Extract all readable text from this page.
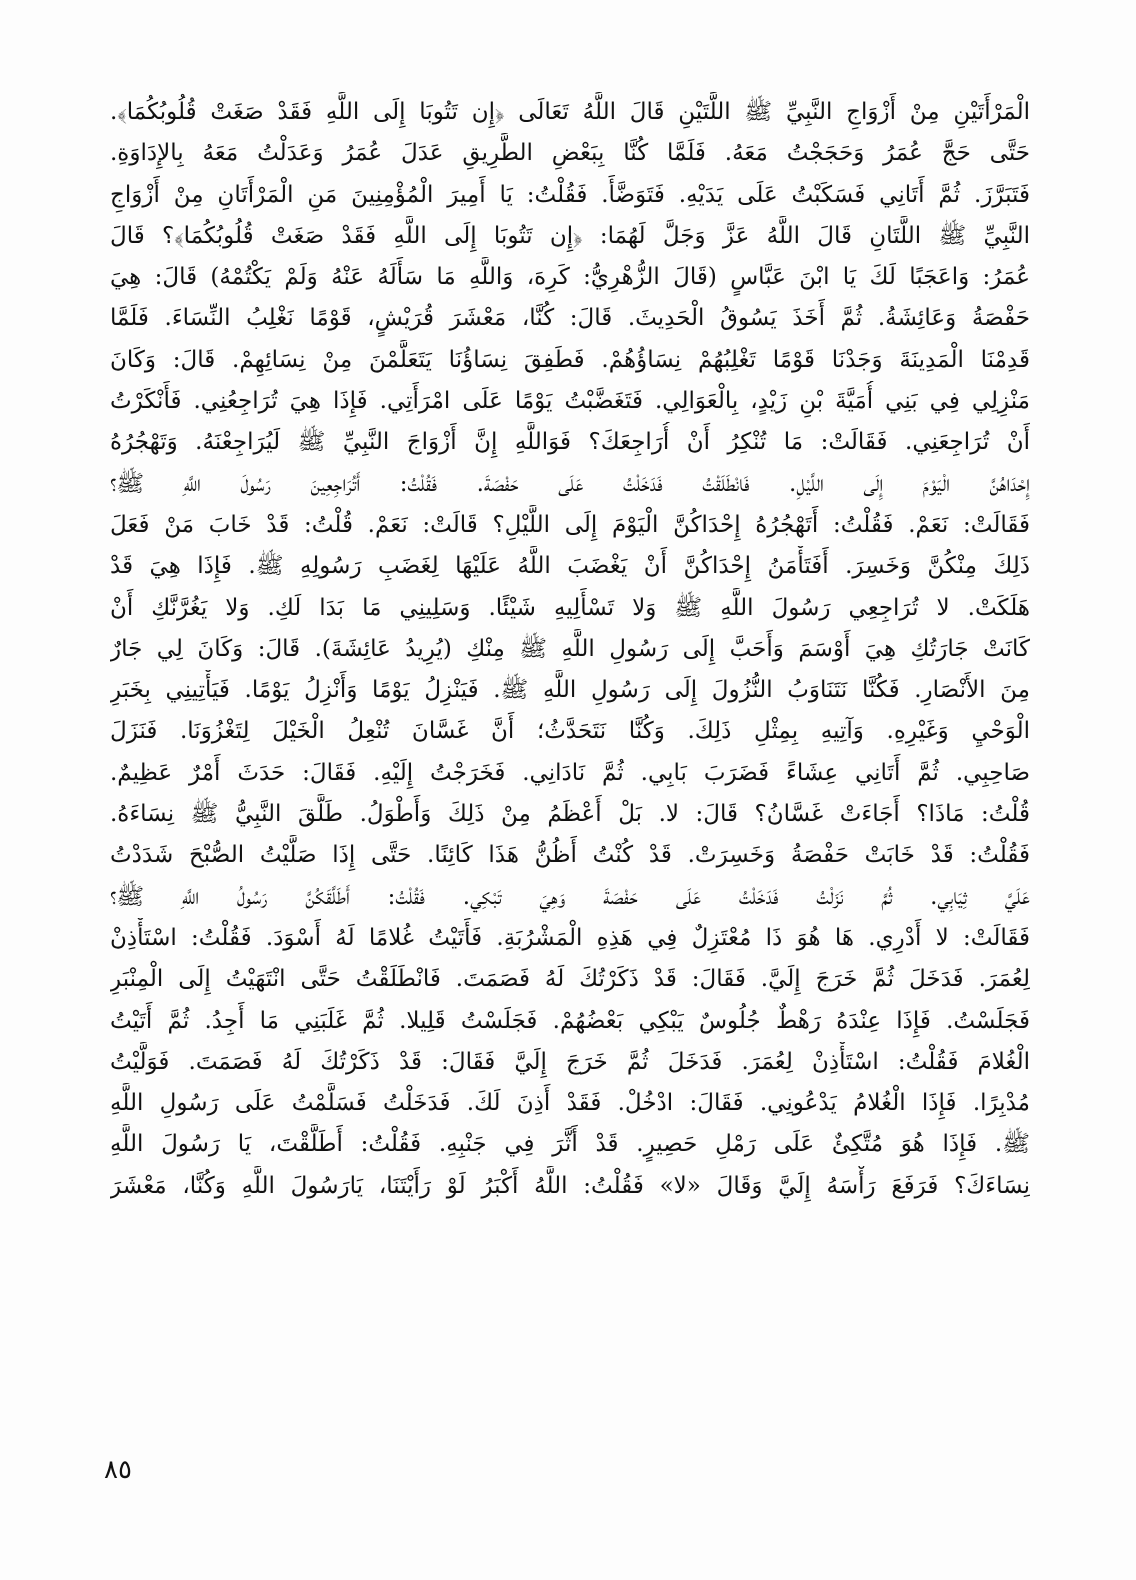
الْمَرْأَتَيْنِ مِنْ أَزْوَاجِ النَّبِيِّ ﷺ اللَّتَيْنِ قَالَ اللَّهُ تَعَالَى ﴿إِن تَتُوبَا إِلَى اللَّهِ فَقَدْ صَغَتْ قُلُوبُكُمَا﴾.
حَتَّى حَجَّ عُمَرُ وَحَجَجْتُ مَعَهُ. فَلَمَّا كُنَّا بِبَعْضِ الطَّرِيقِ عَدَلَ عُمَرُ وَعَدَلْتُ مَعَهُ بِالإِدَاوَةِ.
فَتَبَرَّزَ. ثُمَّ أَتَانِي فَسَكَبْتُ عَلَى يَدَيْهِ. فَتَوَضَّأَ. فَقُلْتُ: يَا أَمِيرَ الْمُؤْمِنِينَ مَنِ الْمَرْأَتَانِ مِنْ أَزْوَاجِ
النَّبِيِّ ﷺ اللَّتَانِ قَالَ اللَّهُ عَزَّ وَجَلَّ لَهُمَا: ﴿إِن تَتُوبَا إِلَى اللَّهِ فَقَدْ صَغَتْ قُلُوبُكُمَا﴾؟ قَالَ
عُمَرُ: وَاعَجَبًا لَكَ يَا ابْنَ عَبَّاسٍ (قَالَ الزُّهْرِيُّ: كَرِهَ، وَاللَّهِ مَا سَأَلَهُ عَنْهُ وَلَمْ يَكْتُمْهُ) قَالَ: هِيَ
حَفْصَةُ وَعَائِشَةُ. ثُمَّ أَخَذَ يَسُوقُ الْحَدِيثَ. قَالَ: كُنَّا، مَعْشَرَ قُرَيْشٍ، قَوْمًا نَغْلِبُ النِّسَاءَ. فَلَمَّا
قَدِمْنَا الْمَدِينَةَ وَجَدْنَا قَوْمًا تَغْلِبُهُمْ نِسَاؤُهُمْ. فَطَفِقَ نِسَاؤُنَا يَتَعَلَّمْنَ مِنْ نِسَائِهِمْ. قَالَ: وَكَانَ
مَنْزِلِي فِي بَنِي أُمَيَّةَ بْنِ زَيْدٍ، بِالْعَوَالِي. فَتَغَضَّبْتُ يَوْمًا عَلَى امْرَأَتِي. فَإِذَا هِيَ تُرَاجِعُنِي. فَأَنْكَرْتُ
أَنْ تُرَاجِعَنِي. فَقَالَتْ: مَا تُنْكِرُ أَنْ أُرَاجِعَكَ؟ فَوَاللَّهِ إِنَّ أَزْوَاجَ النَّبِيِّ ﷺ لَيُرَاجِعْنَهُ. وَتَهْجُرُهُ
إِحْدَاهُنَّ الْيَوْمَ إِلَى اللَّيْلِ. فَانْطَلَقْتُ فَدَخَلْتُ عَلَى حَفْصَةَ. فَقُلْتُ: أَتُرَاجِعِينَ رَسُولَ اللَّهِ ﷺ؟
فَقَالَتْ: نَعَمْ. فَقُلْتُ: أَتَهْجُرُهُ إِحْدَاكُنَّ الْيَوْمَ إِلَى اللَّيْلِ؟ قَالَتْ: نَعَمْ. قُلْتُ: قَدْ خَابَ مَنْ فَعَلَ
ذَلِكَ مِنْكُنَّ وَخَسِرَ. أَفَتَأْمَنُ إِحْدَاكُنَّ أَنْ يَغْضَبَ اللَّهُ عَلَيْهَا لِغَضَبِ رَسُولِهِ ﷺ. فَإِذَا هِيَ قَدْ
هَلَكَتْ. لا تُرَاجِعِي رَسُولَ اللَّهِ ﷺ وَلا تَسْأَلِيهِ شَيْئًا. وَسَلِينِي مَا بَدَا لَكِ. وَلا يَغُرَّنَّكِ أَنْ
كَانَتْ جَارَتُكِ هِيَ أَوْسَمَ وَأَحَبَّ إِلَى رَسُولِ اللَّهِ ﷺ مِنْكِ (يُرِيدُ عَائِشَةَ). قَالَ: وَكَانَ لِي جَارٌ
مِنَ الأَنْصَارِ. فَكُنَّا نَتَنَاوَبُ النُّزُولَ إِلَى رَسُولِ اللَّهِ ﷺ. فَيَنْزِلُ يَوْمًا وَأَنْزِلُ يَوْمًا. فَيَأْتِينِي بِخَبَرِ
الْوَحْيِ وَغَيْرِهِ. وَآتِيهِ بِمِثْلِ ذَلِكَ. وَكُنَّا نَتَحَدَّثُ؛ أَنَّ غَسَّانَ تُنْعِلُ الْخَيْلَ لِتَغْزُوَنَا. فَنَزَلَ
صَاحِبِي. ثُمَّ أَتَانِي عِشَاءً فَضَرَبَ بَابِي. ثُمَّ نَادَانِي. فَخَرَجْتُ إِلَيْهِ. فَقَالَ: حَدَثَ أَمْرٌ عَظِيمٌ.
قُلْتُ: مَاذَا؟ أَجَاءَتْ غَسَّانُ؟ قَالَ: لا. بَلْ أَعْظَمُ مِنْ ذَلِكَ وَأَطْوَلُ. طَلَّقَ النَّبِيُّ ﷺ نِسَاءَهُ.
فَقُلْتُ: قَدْ خَابَتْ حَفْصَةُ وَخَسِرَتْ. قَدْ كُنْتُ أَظُنُّ هَذَا كَائِنًا. حَتَّى إِذَا صَلَّيْتُ الصُّبْحَ شَدَدْتُ
عَلَيَّ ثِيَابِي. ثُمَّ نَزَلْتُ فَدَخَلْتُ عَلَى حَفْصَةَ وَهِيَ تَبْكِي. فَقُلْتُ: أَطَلَّقَكُنَّ رَسُولُ اللَّهِ ﷺ؟
فَقَالَتْ: لا أَدْرِي. هَا هُوَ ذَا مُعْتَزِلٌ فِي هَذِهِ الْمَشْرُبَةِ. فَأَتَيْتُ غُلامًا لَهُ أَسْوَدَ. فَقُلْتُ: اسْتَأْذِنْ
لِعُمَرَ. فَدَخَلَ ثُمَّ خَرَجَ إِلَيَّ. فَقَالَ: قَدْ ذَكَرْتُكَ لَهُ فَصَمَتَ. فَانْطَلَقْتُ حَتَّى انْتَهَيْتُ إِلَى الْمِنْبَرِ
فَجَلَسْتُ. فَإِذَا عِنْدَهُ رَهْطٌ جُلُوسٌ يَبْكِي بَعْضُهُمْ. فَجَلَسْتُ قَلِيلا. ثُمَّ غَلَبَنِي مَا أَجِدُ. ثُمَّ أَتَيْتُ
الْغُلامَ فَقُلْتُ: اسْتَأْذِنْ لِعُمَرَ. فَدَخَلَ ثُمَّ خَرَجَ إِلَيَّ فَقَالَ: قَدْ ذَكَرْتُكَ لَهُ فَصَمَتَ. فَوَلَّيْتُ
مُدْبِرًا. فَإِذَا الْغُلامُ يَدْعُونِي. فَقَالَ: ادْخُلْ. فَقَدْ أَذِنَ لَكَ. فَدَخَلْتُ فَسَلَّمْتُ عَلَى رَسُولِ اللَّهِ
ﷺ. فَإِذَا هُوَ مُتَّكِئٌ عَلَى رَمْلِ حَصِيرٍ. قَدْ أَثَّرَ فِي جَنْبِهِ. فَقُلْتُ: أَطَلَّقْتَ، يَا رَسُولَ اللَّهِ
نِسَاءَكَ؟ فَرَفَعَ رَأْسَهُ إِلَيَّ وَقَالَ «لا» فَقُلْتُ: اللَّهُ أَكْبَرُ لَوْ رَأَيْتَنَا، يَارَسُولَ اللَّهِ وَكُنَّا، مَعْشَرَ
٨٥
